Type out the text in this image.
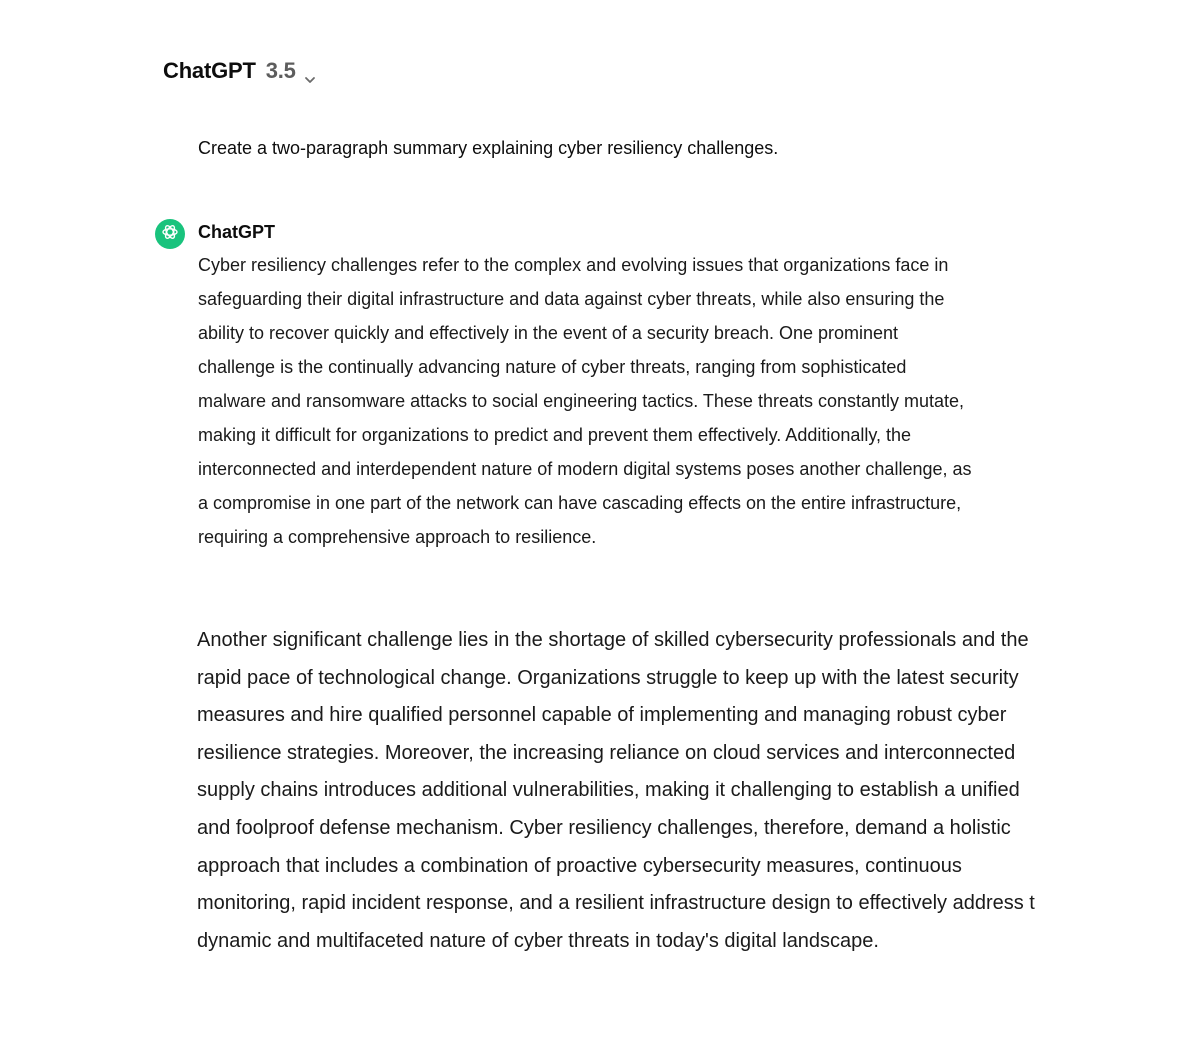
ChatGPT 3.5
Create a two-paragraph summary explaining cyber resiliency challenges.
ChatGPT

Cyber resiliency challenges refer to the complex and evolving issues that organizations face in
safeguarding their digital infrastructure and data against cyber threats, while also ensuring the
ability to recover quickly and effectively in the event of a security breach. One prominent
challenge is the continually advancing nature of cyber threats, ranging from sophisticated
malware and ransomware attacks to social engineering tactics. These threats constantly mutate,
making it difficult for organizations to predict and prevent them effectively. Additionally, the
interconnected and interdependent nature of modern digital systems poses another challenge, as
a compromise in one part of the network can have cascading effects on the entire infrastructure,
requiring a comprehensive approach to resilience.

Another significant challenge lies in the shortage of skilled cybersecurity professionals and the
rapid pace of technological change. Organizations struggle to keep up with the latest security
measures and hire qualified personnel capable of implementing and managing robust cyber
resilience strategies. Moreover, the increasing reliance on cloud services and interconnected
supply chains introduces additional vulnerabilities, making it challenging to establish a unified
and foolproof defense mechanism. Cyber resiliency challenges, therefore, demand a holistic
approach that includes a combination of proactive cybersecurity measures, continuous
monitoring, rapid incident response, and a resilient infrastructure design to effectively address t
dynamic and multifaceted nature of cyber threats in today's digital landscape.
